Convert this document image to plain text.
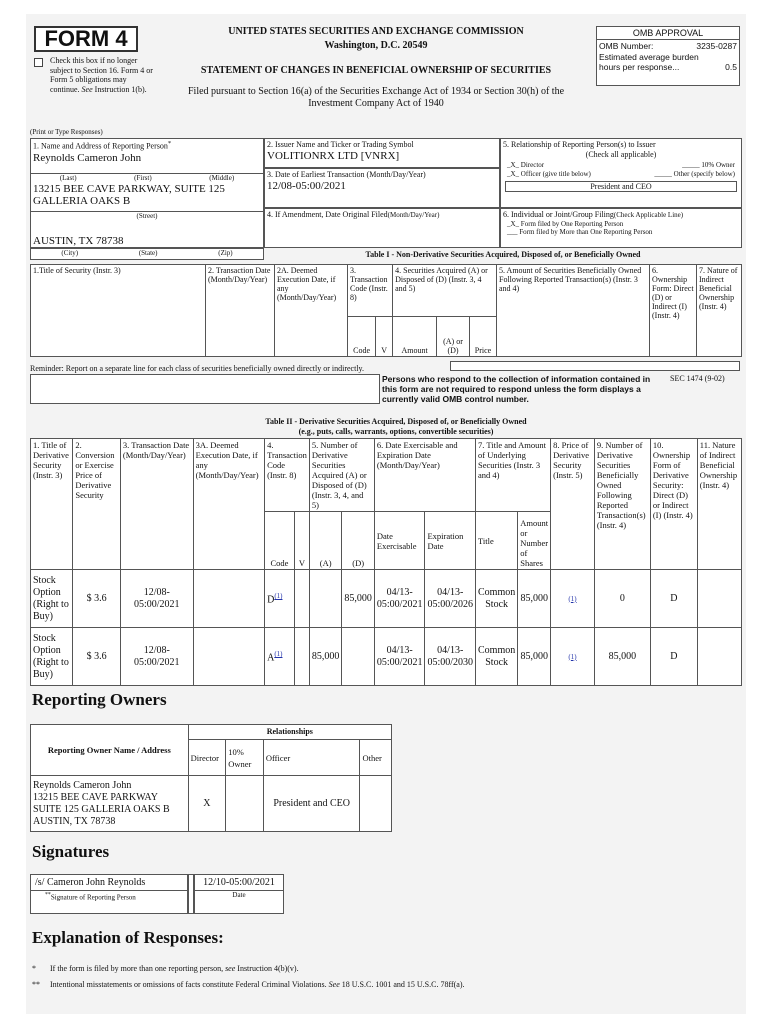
FORM 4
Check this box if no longer subject to Section 16. Form 4 or Form 5 obligations may continue. See Instruction 1(b).
UNITED STATES SECURITIES AND EXCHANGE COMMISSION
Washington, D.C. 20549
STATEMENT OF CHANGES IN BENEFICIAL OWNERSHIP OF SECURITIES
Filed pursuant to Section 16(a) of the Securities Exchange Act of 1934 or Section 30(h) of the
Investment Company Act of 1940
OMB APPROVAL
OMB Number:	3235-0287
Estimated average burden
hours per response...	0.5
(Print or Type Responses)
1. Name and Address of Reporting Person*
Reynolds Cameron John
(Last)	(First)	(Middle)
13215 BEE CAVE PARKWAY, SUITE 125
GALLERIA OAKS B
(Street)
AUSTIN, TX 78738
(City)	(State)	(Zip)
2. Issuer Name and Ticker or Trading Symbol
VOLITIONRX LTD [VNRX]
3. Date of Earliest Transaction (Month/Day/Year)
12/08-05:00/2021
4. If Amendment, Date Original Filed(Month/Day/Year)
5. Relationship of Reporting Person(s) to Issuer
(Check all applicable)
_X_ Director	_____ 10% Owner
_X_ Officer (give title below)	_____ Other (specify below)
President and CEO
6. Individual or Joint/Group Filing(Check Applicable Line)
_X_ Form filed by One Reporting Person
___ Form filed by More than One Reporting Person
Table I - Non-Derivative Securities Acquired, Disposed of, or Beneficially Owned
1.Title of Security (Instr. 3)	2. Transaction Date (Month/Day/Year)	2A. Deemed Execution Date, if any (Month/Day/Year)	3. Transaction Code (Instr. 8)		4. Securities Acquired (A) or Disposed of (D) (Instr. 3, 4 and 5)			5. Amount of Securities Beneficially Owned Following Reported Transaction(s) (Instr. 3 and 4)	6. Ownership Form: Direct (D) or Indirect (I) (Instr. 4)	7. Nature of Indirect Beneficial Ownership (Instr. 4)
			Code	V	Amount	(A) or (D)	Price			
Reminder: Report on a separate line for each class of securities beneficially owned directly or indirectly.
Persons who respond to the collection of information contained in this form are not required to respond unless the form displays a currently valid OMB control number.
SEC 1474 (9-02)
Table II - Derivative Securities Acquired, Disposed of, or Beneficially Owned
(e.g., puts, calls, warrants, options, convertible securities)
1. Title of Derivative Security (Instr. 3)	2. Conversion or Exercise Price of Derivative Security	3. Transaction Date (Month/Day/Year)	3A. Deemed Execution Date, if any (Month/Day/Year)	4. Transaction Code (Instr. 8)		5. Number of Derivative Securities Acquired (A) or Disposed of (D) (Instr. 3, 4, and 5)		6. Date Exercisable and Expiration Date (Month/Day/Year)		7. Title and Amount of Underlying Securities (Instr. 3 and 4)		8. Price of Derivative Security (Instr. 5)	9. Number of Derivative Securities Beneficially Owned Following Reported Transaction(s) (Instr. 4)	10. Ownership Form of Derivative Security: Direct (D) or Indirect (I) (Instr. 4)	11. Nature of Indirect Beneficial Ownership (Instr. 4)
				Code	V	(A)	(D)	Date Exercisable	Expiration Date	Title	Amount or Number of Shares				
Stock Option (Right to Buy)	$ 3.6	12/08-05:00/2021		D$^{(1)}$			85,000	04/13-05:00/2021	04/13-05:00/2026	Common Stock	85,000	(1)	0	D	
Stock Option (Right to Buy)	$ 3.6	12/08-05:00/2021		A$^{(1)}$		85,000		04/13-05:00/2021	04/13-05:00/2030	Common Stock	85,000	(1)	85,000	D	
Reporting Owners
Reporting Owner Name / Address	Relationships			
	Director	10% Owner	Officer	Other

Reynolds Cameron John
13215 BEE CAVE PARKWAY
SUITE 125 GALLERIA OAKS B
AUSTIN, TX 78738	X		President and CEO	
Signatures
/s/ Cameron John Reynolds
**Signature of Reporting Person
12/10-05:00/2021
Date
Explanation of Responses:
* If the form is filed by more than one reporting person, see Instruction 4(b)(v).
** Intentional misstatements or omissions of facts constitute Federal Criminal Violations. See 18 U.S.C. 1001 and 15 U.S.C. 78ff(a).
